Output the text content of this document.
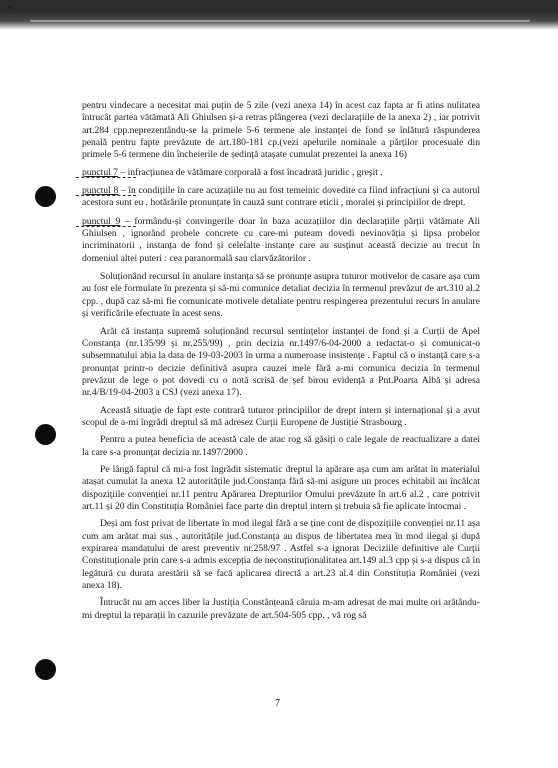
pentru vindecare a necesitat mai puțin de 5 zile (vezi anexa 14) în acest caz fapta ar fi atins nulitatea întrucât partea vătămată Ali Ghiulsen și-a retras plângerea (vezi declarațiile de la anexa 2) , iar potrivit art.284 cpp.neprezentându-se la primele 5-6 termene ale instanței de fond se înlătură răspunderea penală pentru fapte prevăzute de art.180-181 cp.(vezi apelurile nominale a părților procesuale din primele 5-6 termene din încheierile de ședință atașate cumulat prezentei la anexa 16)

punctul 7 – infracțiunea de vătămare corporală a fost încadrată juridic , greșit .

punctul 8 – în condițiile în care acuzațiile nu au fost temeinic dovedite ca fiind infracțiuni și ca autorul acestora sunt eu , hotărârile pronunțate în cauză sunt contrare eticii , moralei și principiilor de drept.

punctul 9 – formându-și convingerile doar în baza acuzațiilor din declarațiile părții vătămate Ali Ghiulsen , ignorând probele concrete cu care-mi puteam dovedi nevinovăția și lipsa probelor incriminatorii , instanța de fond și celelalte instanțe care au susținut această decizie au trecut în domeniul altei puteri : cea paranormală sau clarvăzătorilor .

Soluționând recursul în anulare instanța să se pronunțe asupra tuturor motivelor de casare așa cum au fost ele formulate în prezenta și să-mi comunice detaliat decizia în termenul prevăzut de art.310 al.2 cpp. , după caz să-mi fie comunicate motivele detaliate pentru respingerea prezentului recurs în anulare și verificările efectuate în acest sens.

Arăt că instanța supremă soluționând recursul sentințelor instanței de fond și a Curții de Apel Constanța (nr.135/99 și nr.255/99) , prin decizia nr.1497/6-04-2000 a redactat-o și comunicat-o subsemnatului abia la data de 19-03-2003 în urma a numeroase insistențe . Faptul că o instanță care s-a pronunțat printr-o decizie definitivă asupra cauzei mele fără a-mi comunica decizia în termenul prevăzut de lege o pot dovedi cu o notă scrisă de șef birou evidență a Pnt.Poarta Albă și adresa nr.4/B/19-04-2003 a CSJ (vezi anexa 17).

Această situație de fapt este contrară tuturor principiilor de drept intern și internațional și a avut scopul de a-mi îngrădi dreptul să mă adresez Curții Europene de Justiție Strasbourg .

Pentru a putea beneficia de această cale de atac rog să găsiți o cale legale de reactualizare a datei la care s-a pronunțat decizia nr.1497/2000 .

Pe lângă faptul că mi-a fost îngrădit sistematic dreptul la apărare așa cum am arătat în materialul atașat cumulat la anexa 12 autoritățile jud.Constanța fără să-mi asigure un proces echitabil au încălcat dispozițiile convenției nr.11 pentru Apărarea Drepturilor Omului prevăzute în art.6 al.2 , care potrivit art.11 și 20 din Constituția României face parte din dreptul intern și trebuia să fie aplicate întocmai .

Deși am fost privat de libertate în mod ilegal fără a se ține cont de dispozițiile convenției nr.11 așa cum am arătat mai sus , autoritățile jud.Constanța au dispus de libertatea mea în mod ilegal și după expirarea mandatului de arest preventiv nr.258/97 . Astfel s-a ignorat Deciziile definitive ale Curții Constituționale prin care s-a admis excepția de neconstituționalitatea art.149 al.3 cpp și s-a dispus că în legătură cu durata arestării să se facă aplicarea directă a art.23 al.4 din Constituția României (vezi anexa 18).

Întrucât nu am acces liber la Justiția Constănțeană căruia m-am adresat de mai multe ori arătându-mi dreptul la reparații în cazurile prevăzute de art.504-505 cpp. , vă rog să

7
